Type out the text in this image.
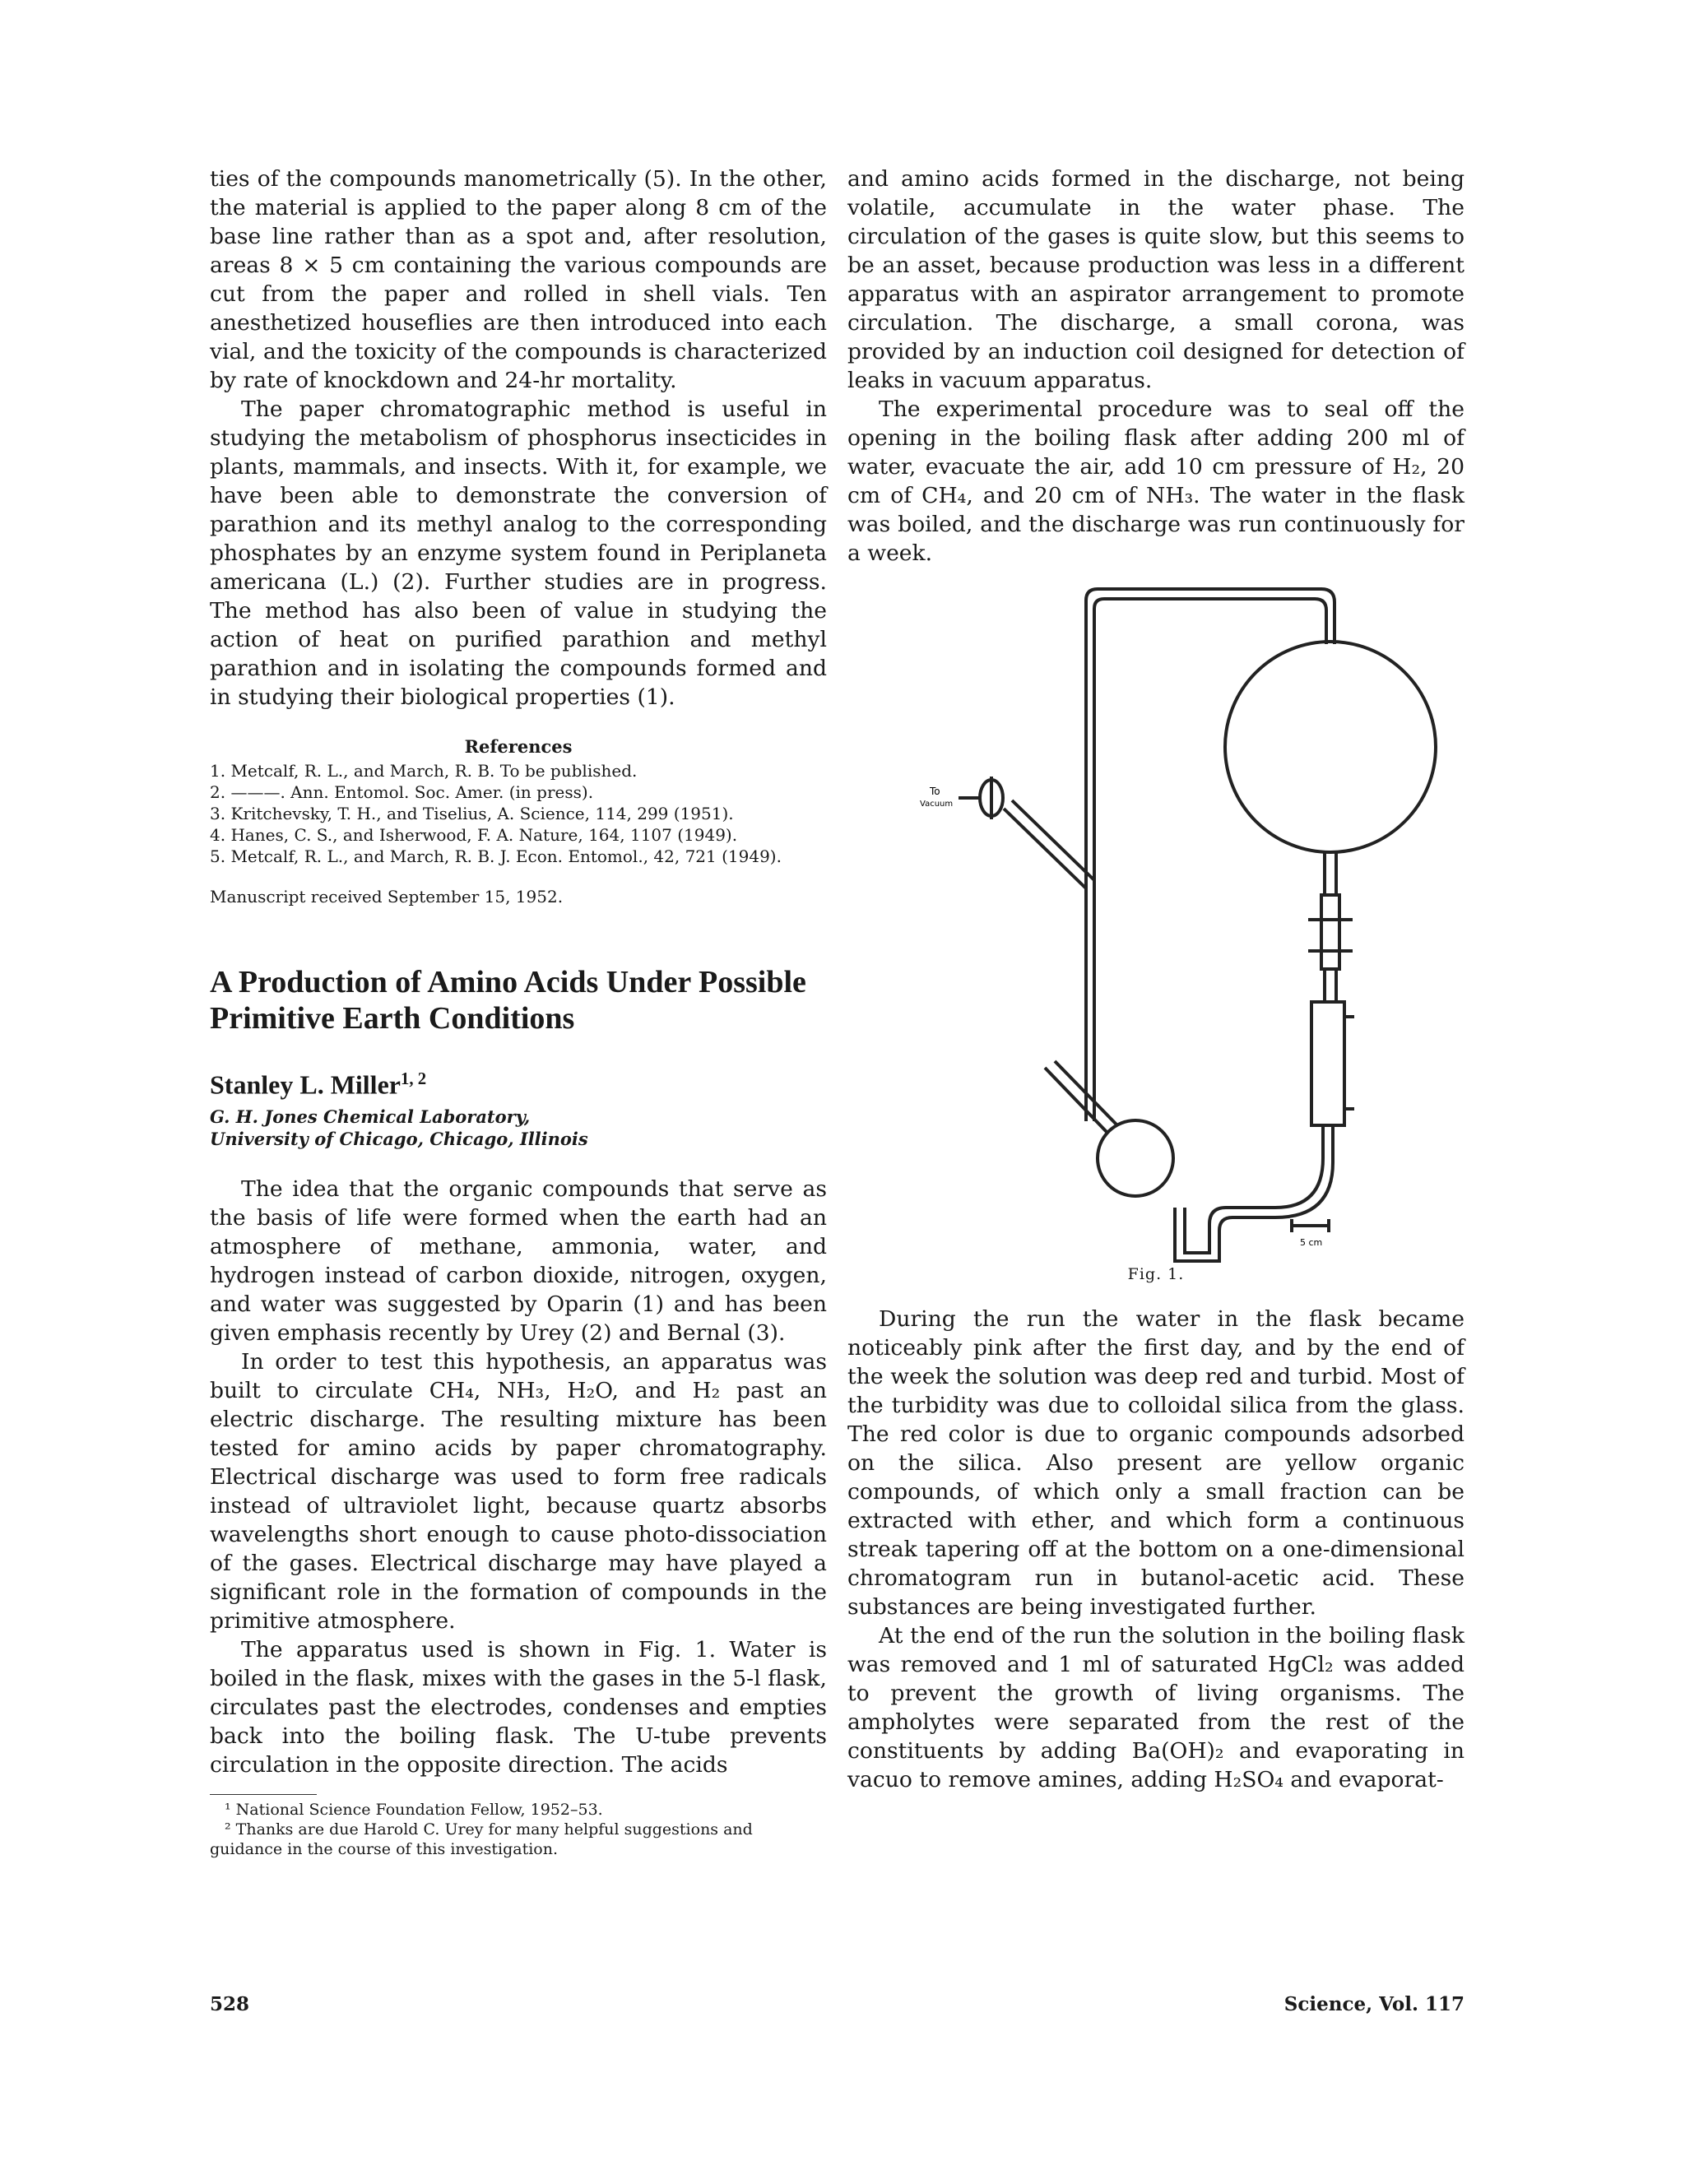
ties of the compounds manometrically (5). In the other, the material is applied to the paper along 8 cm of the base line rather than as a spot and, after resolution, areas 8 × 5 cm containing the various compounds are cut from the paper and rolled in shell vials. Ten anesthetized houseflies are then introduced into each vial, and the toxicity of the compounds is characterized by rate of knockdown and 24-hr mortality.

The paper chromatographic method is useful in studying the metabolism of phosphorus insecticides in plants, mammals, and insects. With it, for example, we have been able to demonstrate the conversion of parathion and its methyl analog to the corresponding phosphates by an enzyme system found in Periplaneta americana (L.) (2). Further studies are in progress. The method has also been of value in studying the action of heat on purified parathion and methyl parathion and in isolating the compounds formed and in studying their biological properties (1).

References

1. Metcalf, R. L., and March, R. B. To be published.

2. ———. Ann. Entomol. Soc. Amer. (in press).

3. Kritchevsky, T. H., and Tiselius, A. Science, 114, 299 (1951).

4. Hanes, C. S., and Isherwood, F. A. Nature, 164, 1107 (1949).

5. Metcalf, R. L., and March, R. B. J. Econ. Entomol., 42, 721 (1949).

Manuscript received September 15, 1952.

A Production of Amino Acids Under Possible Primitive Earth Conditions
Stanley L. Miller$^{1, 2}$
G. H. Jones Chemical Laboratory,
University of Chicago, Chicago, Illinois

The idea that the organic compounds that serve as the basis of life were formed when the earth had an atmosphere of methane, ammonia, water, and hydrogen instead of carbon dioxide, nitrogen, oxygen, and water was suggested by Oparin (1) and has been given emphasis recently by Urey (2) and Bernal (3).

In order to test this hypothesis, an apparatus was built to circulate CH₄, NH₃, H₂O, and H₂ past an electric discharge. The resulting mixture has been tested for amino acids by paper chromatography. Electrical discharge was used to form free radicals instead of ultraviolet light, because quartz absorbs wavelengths short enough to cause photo-dissociation of the gases. Electrical discharge may have played a significant role in the formation of compounds in the primitive atmosphere.

The apparatus used is shown in Fig. 1. Water is boiled in the flask, mixes with the gases in the 5-l flask, circulates past the electrodes, condenses and empties back into the boiling flask. The U-tube prevents circulation in the opposite direction. The acids

¹ National Science Foundation Fellow, 1952–53.

² Thanks are due Harold C. Urey for many helpful suggestions and guidance in the course of this investigation.

and amino acids formed in the discharge, not being volatile, accumulate in the water phase. The circulation of the gases is quite slow, but this seems to be an asset, because production was less in a different apparatus with an aspirator arrangement to promote circulation. The discharge, a small corona, was provided by an induction coil designed for detection of leaks in vacuum apparatus.

The experimental procedure was to seal off the opening in the boiling flask after adding 200 ml of water, evacuate the air, add 10 cm pressure of H₂, 20 cm of CH₄, and 20 cm of NH₃. The water in the flask was boiled, and the discharge was run continuously for a week.

To
Vacuum
5 cm
Fig. 1.

During the run the water in the flask became noticeably pink after the first day, and by the end of the week the solution was deep red and turbid. Most of the turbidity was due to colloidal silica from the glass. The red color is due to organic compounds adsorbed on the silica. Also present are yellow organic compounds, of which only a small fraction can be extracted with ether, and which form a continuous streak tapering off at the bottom on a one-dimensional chromatogram run in butanol-acetic acid. These substances are being investigated further.

At the end of the run the solution in the boiling flask was removed and 1 ml of saturated HgCl₂ was added to prevent the growth of living organisms. The ampholytes were separated from the rest of the constituents by adding Ba(OH)₂ and evaporating in vacuo to remove amines, adding H₂SO₄ and evaporat-

528	Science, Vol. 117
